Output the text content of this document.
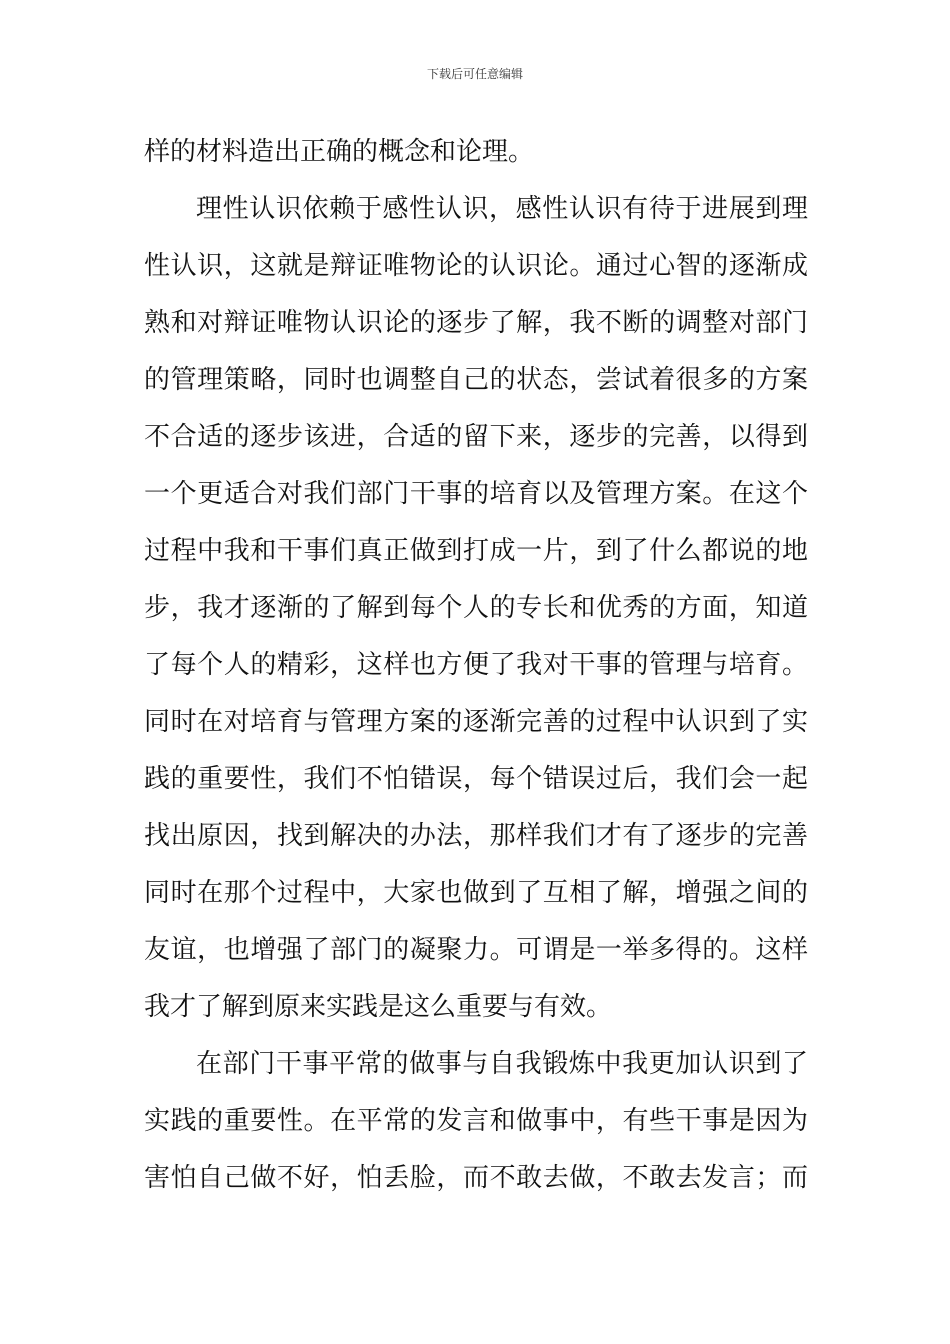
下载后可任意编辑
样的材料造出正确的概念和论理。
理性认识依赖于感性认识，感性认识有待于进展到理
性认识，这就是辩证唯物论的认识论。通过心智的逐渐成
熟和对辩证唯物认识论的逐步了解，我不断的调整对部门
的管理策略，同时也调整自己的状态，尝试着很多的方案
不合适的逐步该进，合适的留下来，逐步的完善，以得到
一个更适合对我们部门干事的培育以及管理方案。在这个
过程中我和干事们真正做到打成一片，到了什么都说的地
步，我才逐渐的了解到每个人的专长和优秀的方面，知道
了每个人的精彩，这样也方便了我对干事的管理与培育。
同时在对培育与管理方案的逐渐完善的过程中认识到了实
践的重要性，我们不怕错误，每个错误过后，我们会一起
找出原因，找到解决的办法，那样我们才有了逐步的完善
同时在那个过程中，大家也做到了互相了解，增强之间的
友谊，也增强了部门的凝聚力。可谓是一举多得的。这样
我才了解到原来实践是这么重要与有效。
在部门干事平常的做事与自我锻炼中我更加认识到了
实践的重要性。在平常的发言和做事中，有些干事是因为
害怕自己做不好，怕丢脸，而不敢去做，不敢去发言；而
